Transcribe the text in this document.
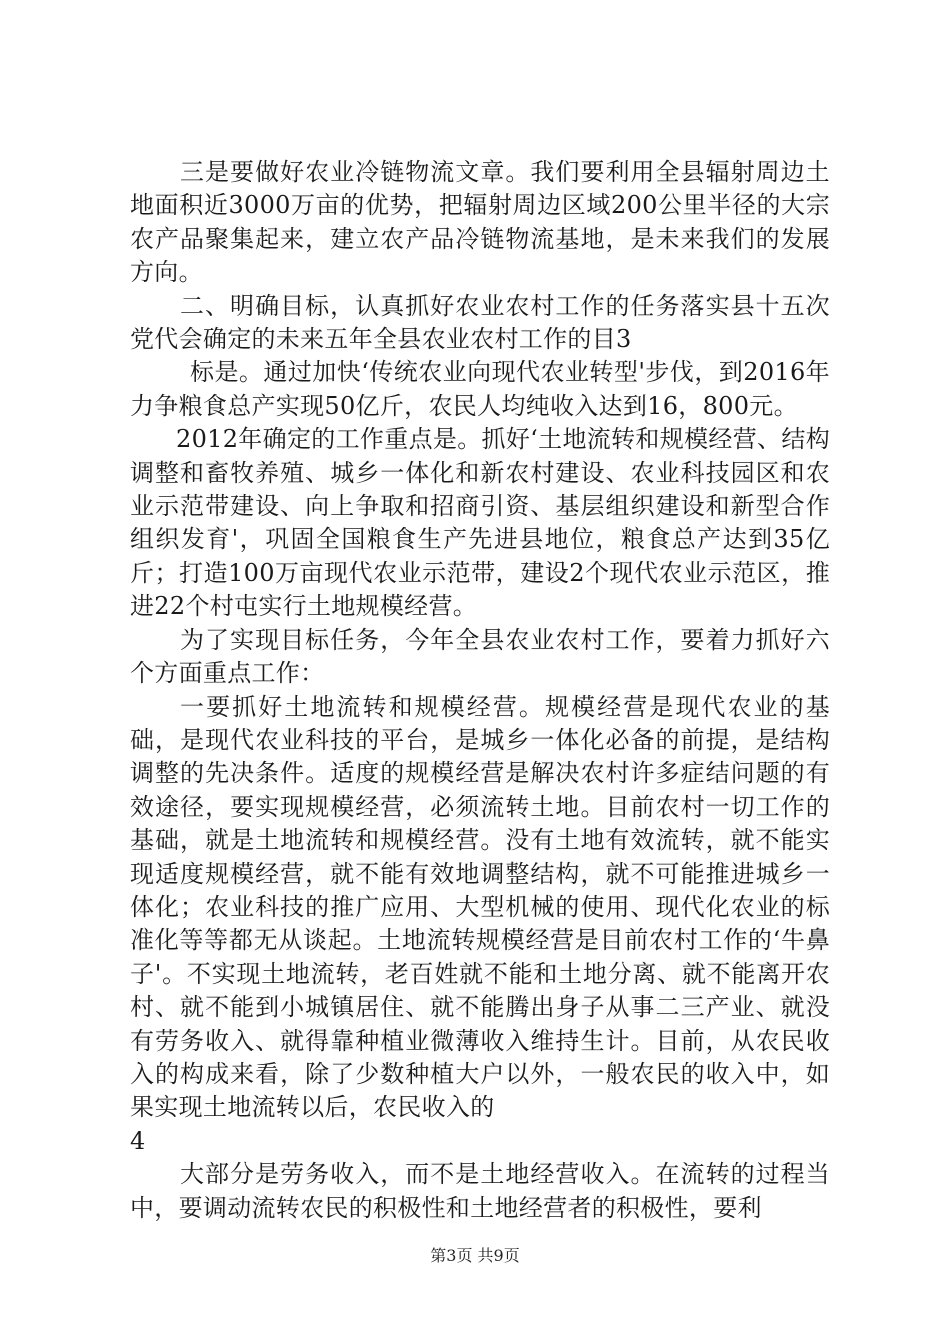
三是要做好农业冷链物流文章。我们要利用全县辐射周边土地面积近3000万亩的优势，把辐射周边区域200公里半径的大宗农产品聚集起来，建立农产品冷链物流基地，是未来我们的发展方向。

二、明确目标，认真抓好农业农村工作的任务落实县十五次党代会确定的未来五年全县农业农村工作的目3

标是。通过加快‘传统农业向现代农业转型'步伐，到2016年力争粮食总产实现50亿斤，农民人均纯收入达到16，800元。

2012年确定的工作重点是。抓好‘土地流转和规模经营、结构调整和畜牧养殖、城乡一体化和新农村建设、农业科技园区和农业示范带建设、向上争取和招商引资、基层组织建设和新型合作组织发育'，巩固全国粮食生产先进县地位，粮食总产达到35亿斤；打造100万亩现代农业示范带，建设2个现代农业示范区，推进22个村屯实行土地规模经营。

为了实现目标任务，今年全县农业农村工作，要着力抓好六个方面重点工作：

一要抓好土地流转和规模经营。规模经营是现代农业的基础，是现代农业科技的平台，是城乡一体化必备的前提，是结构调整的先决条件。适度的规模经营是解决农村许多症结问题的有效途径，要实现规模经营，必须流转土地。目前农村一切工作的基础，就是土地流转和规模经营。没有土地有效流转，就不能实现适度规模经营，就不能有效地调整结构，就不可能推进城乡一体化；农业科技的推广应用、大型机械的使用、现代化农业的标准化等等都无从谈起。土地流转规模经营是目前农村工作的‘牛鼻子'。不实现土地流转，老百姓就不能和土地分离、就不能离开农村、就不能到小城镇居住、就不能腾出身子从事二三产业、就没有劳务收入、就得靠种植业微薄收入维持生计。目前，从农民收入的构成来看，除了少数种植大户以外，一般农民的收入中，如果实现土地流转以后，农民收入的

4

大部分是劳务收入，而不是土地经营收入。在流转的过程当中，要调动流转农民的积极性和土地经营者的积极性，要利

第3页 共9页
